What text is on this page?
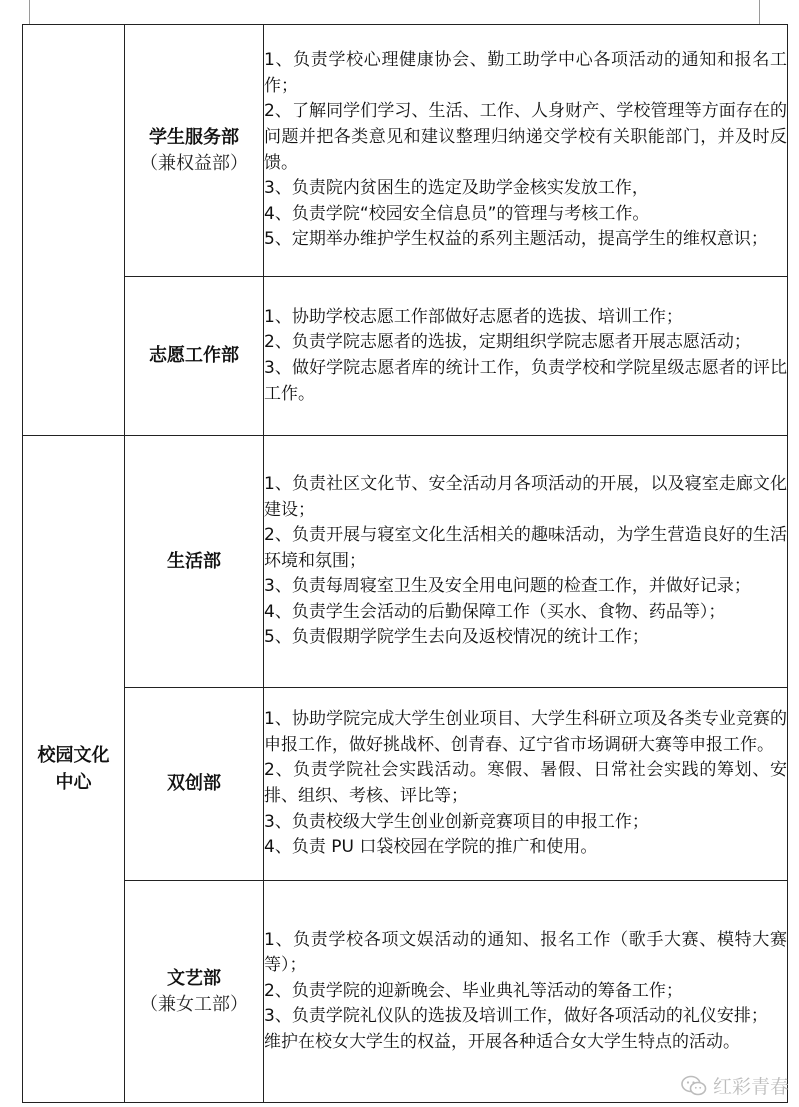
	学生服务部
（兼权益部）	1、负责学校心理健康协会、勤工助学中心各项活动的通知和报名工作；
2、了解同学们学习、生活、工作、人身财产、学校管理等方面存在的问题并把各类意见和建议整理归纳递交学校有关职能部门，并及时反馈。
3、负责院内贫困生的选定及助学金核实发放工作，
4、负责学院“校园安全信息员”的管理与考核工作。
5、定期举办维护学生权益的系列主题活动，提高学生的维权意识；

	志愿工作部	1、协助学校志愿工作部做好志愿者的选拔、培训工作；
2、负责学院志愿者的选拔，定期组织学院志愿者开展志愿活动；
3、做好学院志愿者库的统计工作，负责学校和学院星级志愿者的评比工作。

校园文化中心	生活部	1、负责社区文化节、安全活动月各项活动的开展，以及寝室走廊文化建设；
2、负责开展与寝室文化生活相关的趣味活动，为学生营造良好的生活环境和氛围；
3、负责每周寝室卫生及安全用电问题的检查工作，并做好记录；
4、负责学生会活动的后勤保障工作（买水、食物、药品等）；
5、负责假期学院学生去向及返校情况的统计工作；

	双创部	1、协助学院完成大学生创业项目、大学生科研立项及各类专业竞赛的申报工作，做好挑战杯、创青春、辽宁省市场调研大赛等申报工作。
2、负责学院社会实践活动。寒假、暑假、日常社会实践的筹划、安排、组织、考核、评比等；
3、负责校级大学生创业创新竞赛项目的申报工作；
4、负责 PU 口袋校园在学院的推广和使用。

	文艺部
（兼女工部）	1、负责学校各项文娱活动的通知、报名工作（歌手大赛、模特大赛等）；
2、负责学院的迎新晚会、毕业典礼等活动的筹备工作；
3、负责学院礼仪队的选拔及培训工作，做好各项活动的礼仪安排；
维护在校女大学生的权益，开展各种适合女大学生特点的活动。
红彩青春
